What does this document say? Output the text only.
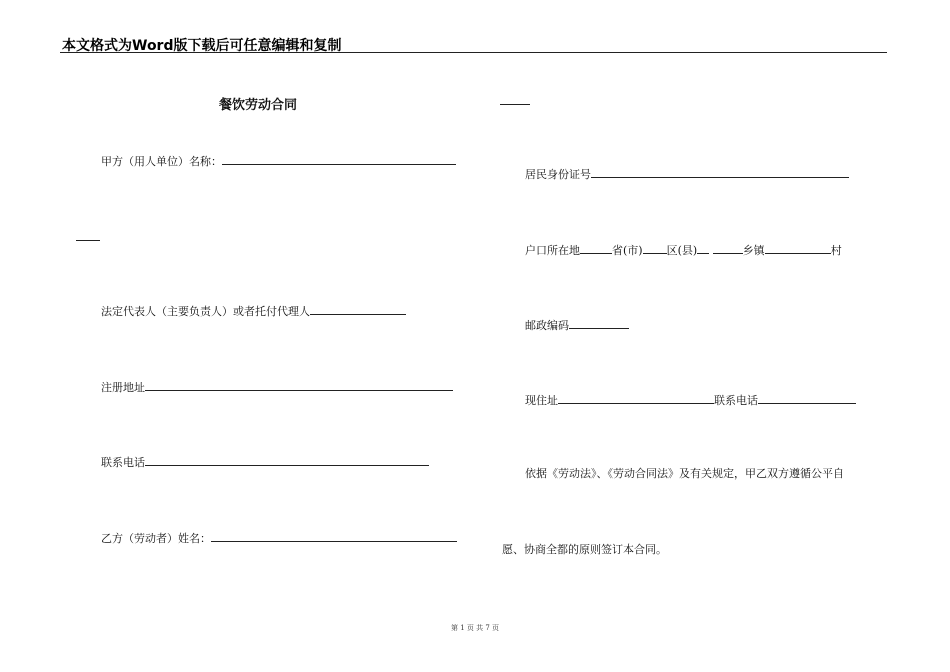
本文格式为Word版下载后可任意编辑和复制
餐饮劳动合同
甲方（用人单位）名称：
法定代表人（主要负责人）或者托付代理人
注册地址
联系电话
乙方（劳动者）姓名：
居民身份证号
户口所在地	省(市) 区(县)	乡镇	村
邮政编码
现住址	联系电话
依据《劳动法》、《劳动合同法》及有关规定，甲乙双方遵循公平自
愿、协商全都的原则签订本合同。
第 1 页 共 7 页
